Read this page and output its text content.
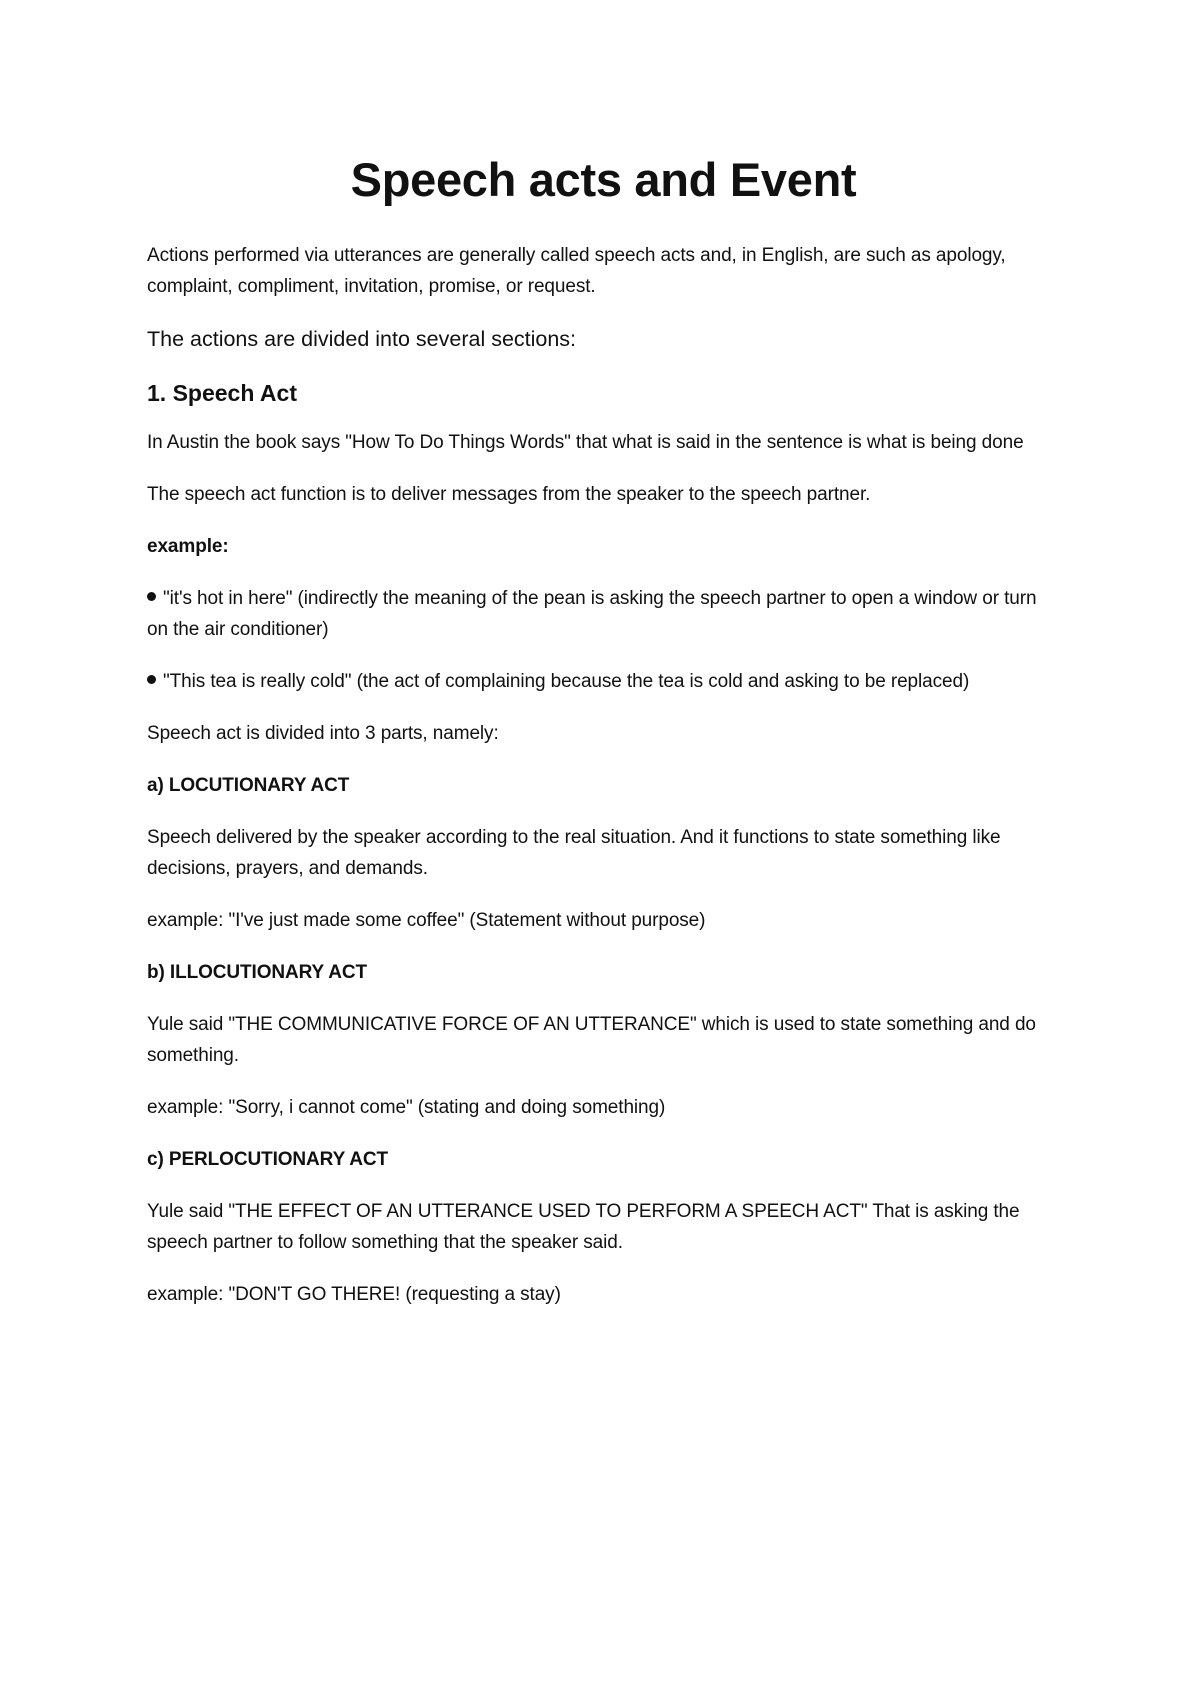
Speech acts and Event

Actions performed via utterances are generally called speech acts and, in English, are such as apology, complaint, compliment, invitation, promise, or request.

The actions are divided into several sections:

1. Speech Act

In Austin the book says "How To Do Things Words" that what is said in the sentence is what is being done

The speech act function is to deliver messages from the speaker to the speech partner.

example:

"it's hot in here" (indirectly the meaning of the pean is asking the speech partner to open a window or turn on the air conditioner)

"This tea is really cold" (the act of complaining because the tea is cold and asking to be replaced)

Speech act is divided into 3 parts, namely:

a) LOCUTIONARY ACT

Speech delivered by the speaker according to the real situation. And it functions to state something like decisions, prayers, and demands.

example: "I've just made some coffee" (Statement without purpose)

b) ILLOCUTIONARY ACT

Yule said "THE COMMUNICATIVE FORCE OF AN UTTERANCE" which is used to state something and do something.

example: "Sorry, i cannot come" (stating and doing something)

c) PERLOCUTIONARY ACT

Yule said "THE EFFECT OF AN UTTERANCE USED TO PERFORM A SPEECH ACT" That is asking the speech partner to follow something that the speaker said.

example: "DON'T GO THERE! (requesting a stay)
